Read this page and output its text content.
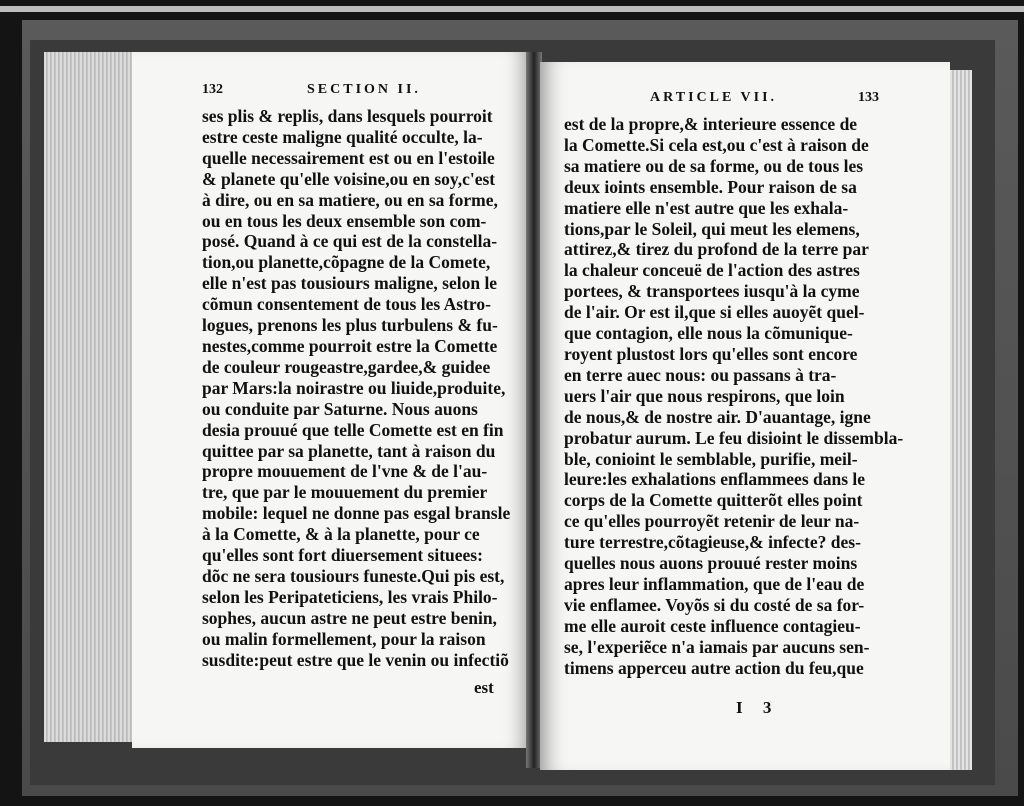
132	SECTION II.
ses plis & replis, dans lesquels pourroit
estre ceste maligne qualité occulte, la-
quelle necessairement est ou en l'estoile
& planete qu'elle voisine,ou en soy,c'est
à dire, ou en sa matiere, ou en sa forme,
ou en tous les deux ensemble son com-
posé. Quand à ce qui est de la constella-
tion,ou planette,cõpagne de la Comete,
elle n'est pas tousiours maligne, selon le
cõmun consentement de tous les Astro-
logues, prenons les plus turbulens & fu-
nestes,comme pourroit estre la Comette
de couleur rougeastre,gardee,& guidee
par Mars:la noirastre ou liuide,produite,
ou conduite par Saturne. Nous auons
desia prouué que telle Comette est en fin
quittee par sa planette, tant à raison du
propre mouuement de l'vne & de l'au-
tre, que par le mouuement du premier
mobile: lequel ne donne pas esgal bransle
à la Comette, & à la planette, pour ce
qu'elles sont fort diuersement situees:
dõc ne sera tousiours funeste.Qui pis est,
selon les Peripateticiens, les vrais Philo-
sophes, aucun astre ne peut estre benin,
ou malin formellement, pour la raison
susdite:peut estre que le venin ou infectiõ
est
ARTICLE VII.	133
est de la propre,& interieure essence de
la Comette.Si cela est,ou c'est à raison de
sa matiere ou de sa forme, ou de tous les
deux ioints ensemble. Pour raison de sa
matiere elle n'est autre que les exhala-
tions,par le Soleil, qui meut les elemens,
attirez,& tirez du profond de la terre par
la chaleur conceuë de l'action des astres
portees, & transportees iusqu'à la cyme
de l'air. Or est il,que si elles auoyẽt quel-
que contagion, elle nous la cõmunique-
royent plustost lors qu'elles sont encore
en terre auec nous: ou passans à tra-
uers l'air que nous respirons, que loin
de nous,& de nostre air. D'auantage, igne
probatur aurum. Le feu disioint le dissembla-
ble, conioint le semblable, purifie, meil-
leure:les exhalations enflammees dans le
corps de la Comette quitterõt elles point
ce qu'elles pourroyẽt retenir de leur na-
ture terrestre,cõtagieuse,& infecte? des-
quelles nous auons prouué rester moins
apres leur inflammation, que de l'eau de
vie enflamee. Voyõs si du costé de sa for-
me elle auroit ceste influence contagieu-
se, l'experiẽce n'a iamais par aucuns sen-
timens apperceu autre action du feu,que
I 3
